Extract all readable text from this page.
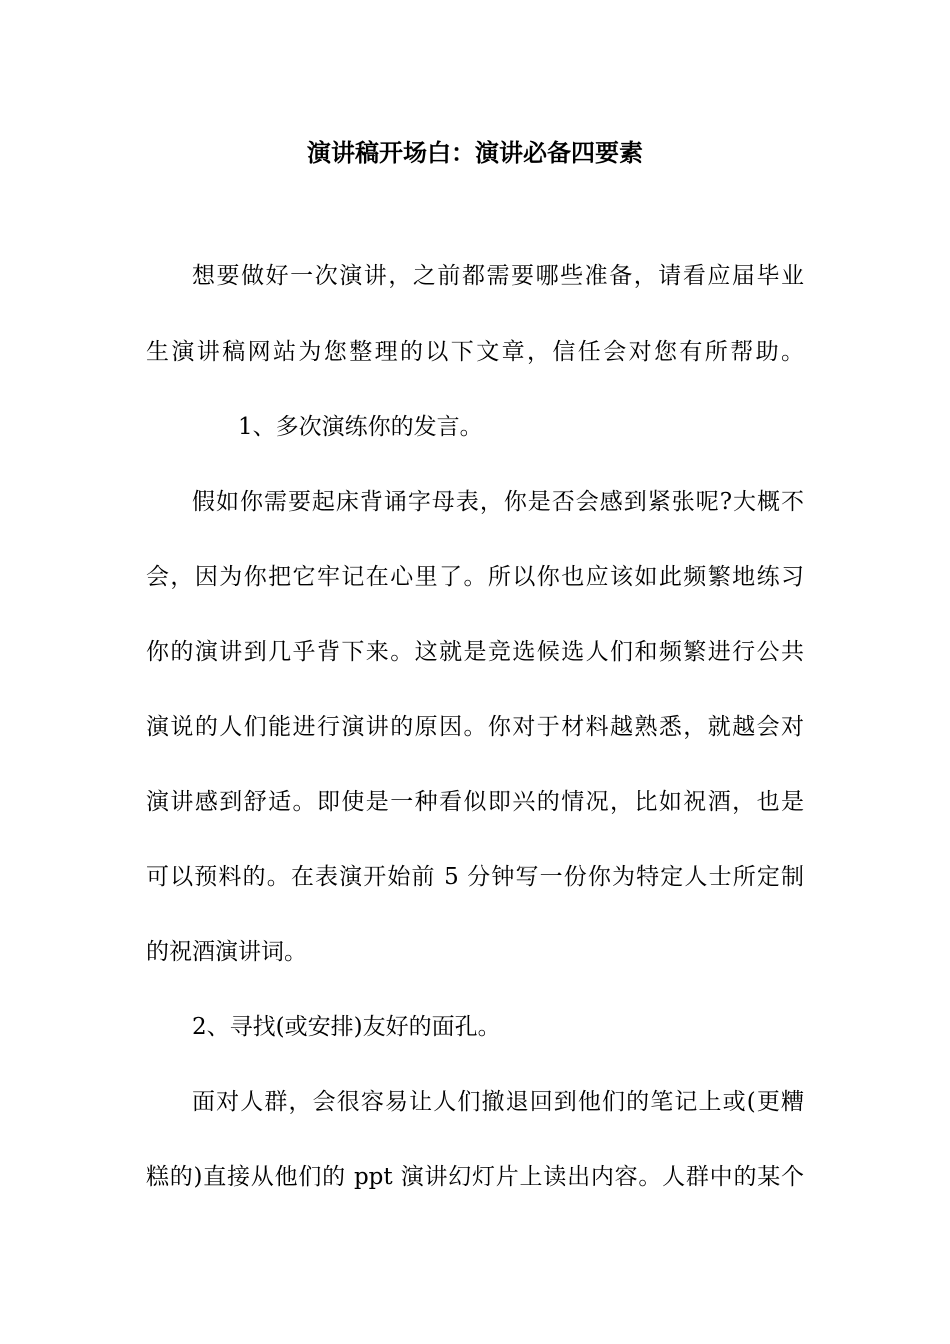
演讲稿开场白：演讲必备四要素
想要做好一次演讲，之前都需要哪些准备，请看应届毕业
生演讲稿网站为您整理的以下文章，信任会对您有所帮助。
1、多次演练你的发言。
假如你需要起床背诵字母表，你是否会感到紧张呢?大概不
会，因为你把它牢记在心里了。所以你也应该如此频繁地练习
你的演讲到几乎背下来。这就是竞选候选人们和频繁进行公共
演说的人们能进行演讲的原因。你对于材料越熟悉，就越会对
演讲感到舒适。即使是一种看似即兴的情况，比如祝酒，也是
可以预料的。在表演开始前 5 分钟写一份你为特定人士所定制
的祝酒演讲词。
2、寻找(或安排)友好的面孔。
面对人群，会很容易让人们撤退回到他们的笔记上或(更糟
糕的)直接从他们的 ppt 演讲幻灯片上读出内容。人群中的某个
